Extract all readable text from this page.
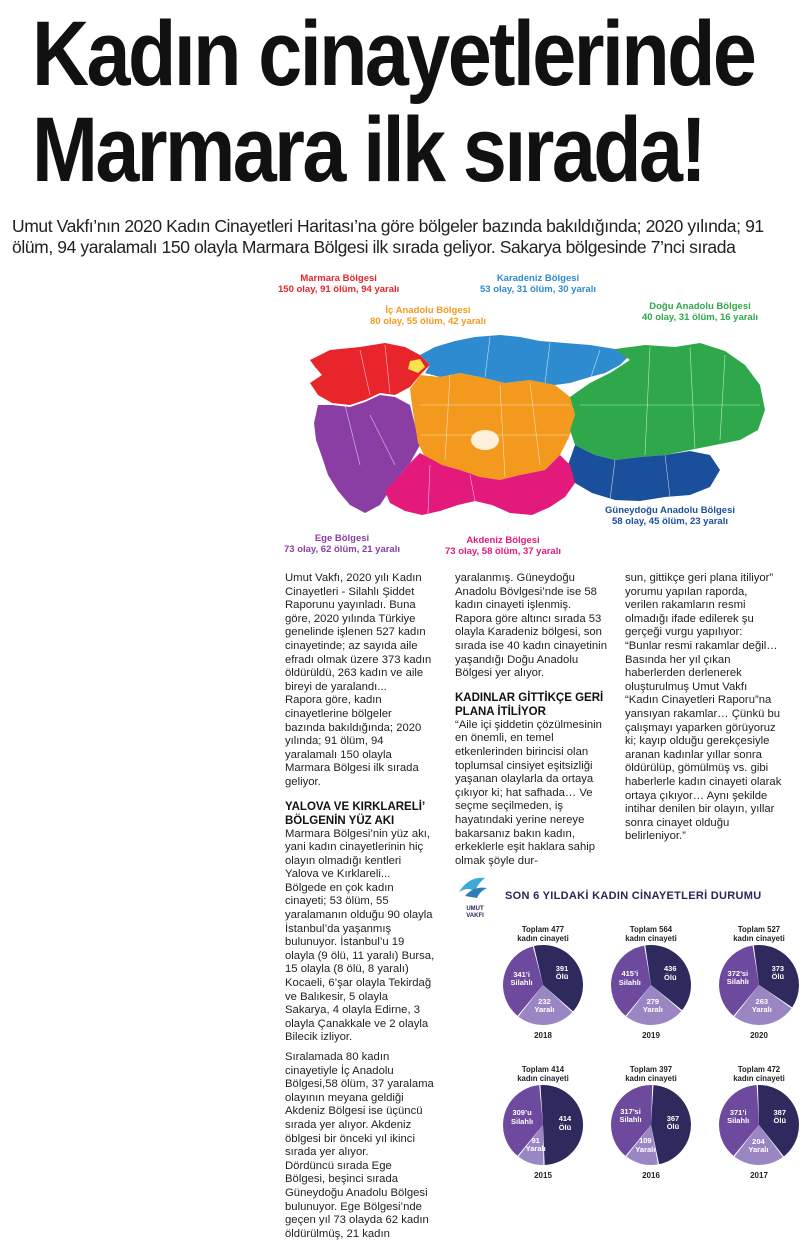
Kadın cinayetlerinde
Marmara ilk sırada!

Umut Vakfı’nın 2020 Kadın Cinayetleri Haritası’na göre bölgeler bazında bakıldığında; 2020 yılında; 91 ölüm, 94 yaralamalı 150 olayla Marmara Bölgesi ilk sırada geliyor. Sakarya bölgesinde 7’nci sırada

Marmara Bölgesi
150 olay, 91 ölüm, 94 yaralı
İç Anadolu Bölgesi
80 olay, 55 ölüm, 42 yaralı
Karadeniz Bölgesi
53 olay, 31 ölüm, 30 yaralı
Doğu Anadolu Bölgesi
40 olay, 31 ölüm, 16 yaralı
Güneydoğu Anadolu Bölgesi
58 olay, 45 ölüm, 23 yaralı
Akdeniz Bölgesi
73 olay, 58 ölüm, 37 yaralı
Ege Bölgesi
73 olay, 62 ölüm, 21 yaralı

Umut Vakfı, 2020 yılı Kadın Cinayetleri - Silahlı Şiddet Raporunu yayınladı. Buna göre, 2020 yılında Türkiye genelinde işlenen 527 kadın cinayetinde; az sayıda aile efradı olmak üzere 373 kadın öldürüldü, 263 kadın ve aile bireyi de yaralandı...

Rapora göre, kadın cinayetlerine bölgeler bazında bakıldığında; 2020 yılında; 91 ölüm, 94 yaralamalı 150 olayla Marmara Bölgesi ilk sırada geliyor.

YALOVA VE KIRKLARELİ’ BÖLGENİN YÜZ AKI

Marmara Bölgesi’nin yüz akı, yani kadın cinayetlerinin hiç olayın olmadığı kentleri Yalova ve Kırklareli...

Bölgede en çok kadın cinayeti; 53 ölüm, 55 yaralamanın olduğu 90 olayla İstanbul’da yaşanmış bulunuyor. İstanbul’u 19 olayla (9 ölü, 11 yaralı) Bursa, 15 olayla (8 ölü, 8 yaralı) Kocaeli, 6’şar olayla Tekirdağ ve Balıkesir, 5 olayla Sakarya, 4 olayla Edirne, 3 olayla Çanakkale ve 2 olayla Bilecik izliyor.

Sıralamada 80 kadın cinayetiyle İç Anadolu Bölgesi,58 ölüm, 37 yaralama olayının meyana geldiği Akdeniz Bölgesi ise üçüncü sırada yer alıyor. Akdeniz öblgesi bir önceki yıl ikinci sırada yer alıyor.

Dördüncü sırada Ege Bölgesi, beşinci sırada Güneydoğu Anadolu Bölgesi bulunuyor. Ege Bölgesi’nde geçen yıl 73 olayda 62 kadın öldürülmüş, 21 kadın

yaralanmış. Güneydoğu Anadolu Bövlgesi’nde ise 58 kadın cinayeti işlenmiş.

Rapora göre altıncı sırada 53 olayla Karadeniz bölgesi, son sırada ise 40 kadın cinayetinin yaşandığı Doğu Anadolu Bölgesi yer alıyor.

KADINLAR GİTTİKÇE GERİ PLANA İTİLİYOR

“Aile içi şiddetin çözülmesinin en önemli, en temel etkenlerinden birincisi olan toplumsal cinsiyet eşitsizliği yaşanan olaylarla da ortaya çıkıyor ki; hat safhada… Ve seçme seçilmeden, iş hayatındaki yerine nereye bakarsanız bakın kadın, erkeklerle eşit haklara sahip olmak şöyle dur-

sun, gittikçe geri plana itiliyor” yorumu yapılan raporda, verilen rakamların resmi olmadığı ifade edilerek şu gerçeği vurgu yapılıyor:

“Bunlar resmi rakamlar değil… Basında her yıl çıkan haberlerden derlenerek oluşturulmuş Umut Vakfı “Kadın Cinayetleri Raporu”na yansıyan rakamlar… Çünkü bu çalışmayı yaparken görüyoruz ki; kayıp olduğu gerekçesiyle aranan kadınlar yıllar sonra öldürülüp, gömülmüş vs. gibi haberlerle kadın cinayeti olarak ortaya çıkıyor… Aynı şekilde intihar denilen bir olayın, yıllar sonra cinayet olduğu belirleniyor.”

UMUT
VAKFI
SON 6 YILDAKİ KADIN CİNAYETLERİ DURUMU
Toplam 477
kadın cinayeti
341’i
Silahlı
391
Ölü
232
Yaralı
2018
Toplam 564
kadın cinayeti
415’i
Silahlı
436
Ölü
279
Yaralı
2019
Toplam 527
kadın cinayeti
372’si
Silahlı
373
Ölü
263
Yaralı
2020
Toplam 414
kadın cinayeti
309’u
Silahlı	414
Ölü
91
Yaralı
2015
Toplam 397
kadın cinayeti
317’si
Silahlı	367
Ölü
109
Yaralı
2016
Toplam 472
kadın cinayeti
371’i
Silahlı
387
Ölü
204
Yaralı
2017
